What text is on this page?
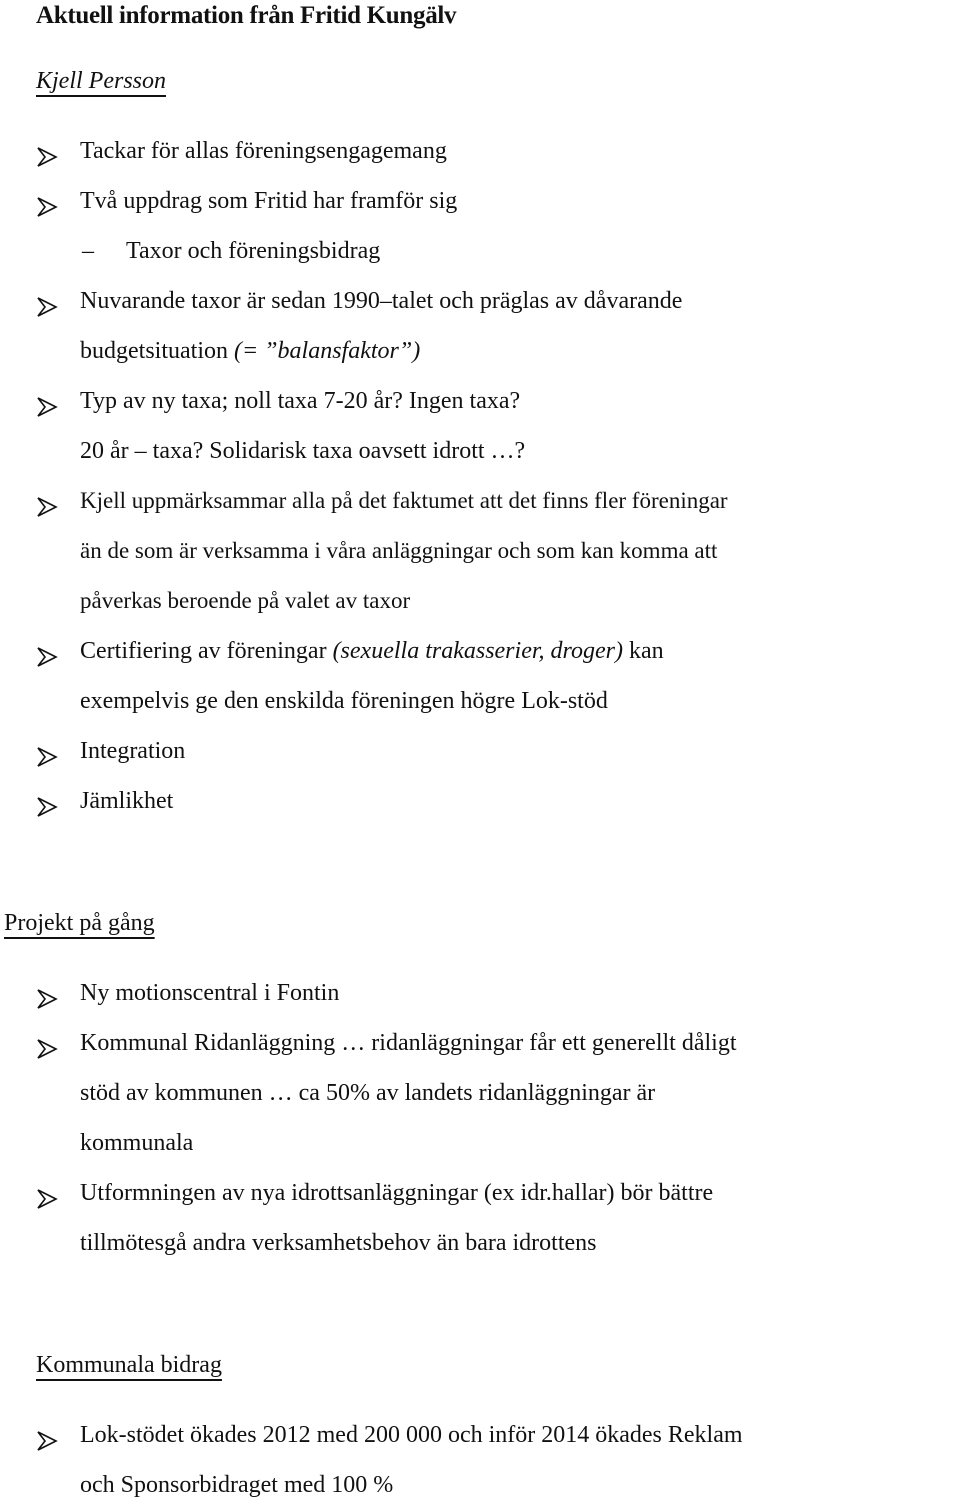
Aktuell information från Fritid Kungälv
Kjell Persson
Tackar för allas föreningsengagemang
Två uppdrag som Fritid har framför sig
– Taxor och föreningsbidrag
Nuvarande taxor är sedan 1990–talet och präglas av dåvarande
budgetsituation (= ”balansfaktor”)
Typ av ny taxa; noll taxa 7-20 år? Ingen taxa?
20 år – taxa? Solidarisk taxa oavsett idrott …?
Kjell uppmärksammar alla på det faktumet att det finns fler föreningar
än de som är verksamma i våra anläggningar och som kan komma att
påverkas beroende på valet av taxor
Certifiering av föreningar (sexuella trakasserier, droger) kan
exempelvis ge den enskilda föreningen högre Lok-stöd
Integration
Jämlikhet
Projekt på gång
Ny motionscentral i Fontin
Kommunal Ridanläggning … ridanläggningar får ett generellt dåligt
stöd av kommunen … ca 50% av landets ridanläggningar är
kommunala
Utformningen av nya idrottsanläggningar (ex idr.hallar) bör bättre
tillmötesgå andra verksamhetsbehov än bara idrottens
Kommunala bidrag
Lok-stödet ökades 2012 med 200 000 och inför 2014 ökades Reklam
och Sponsorbidraget med 100 %
